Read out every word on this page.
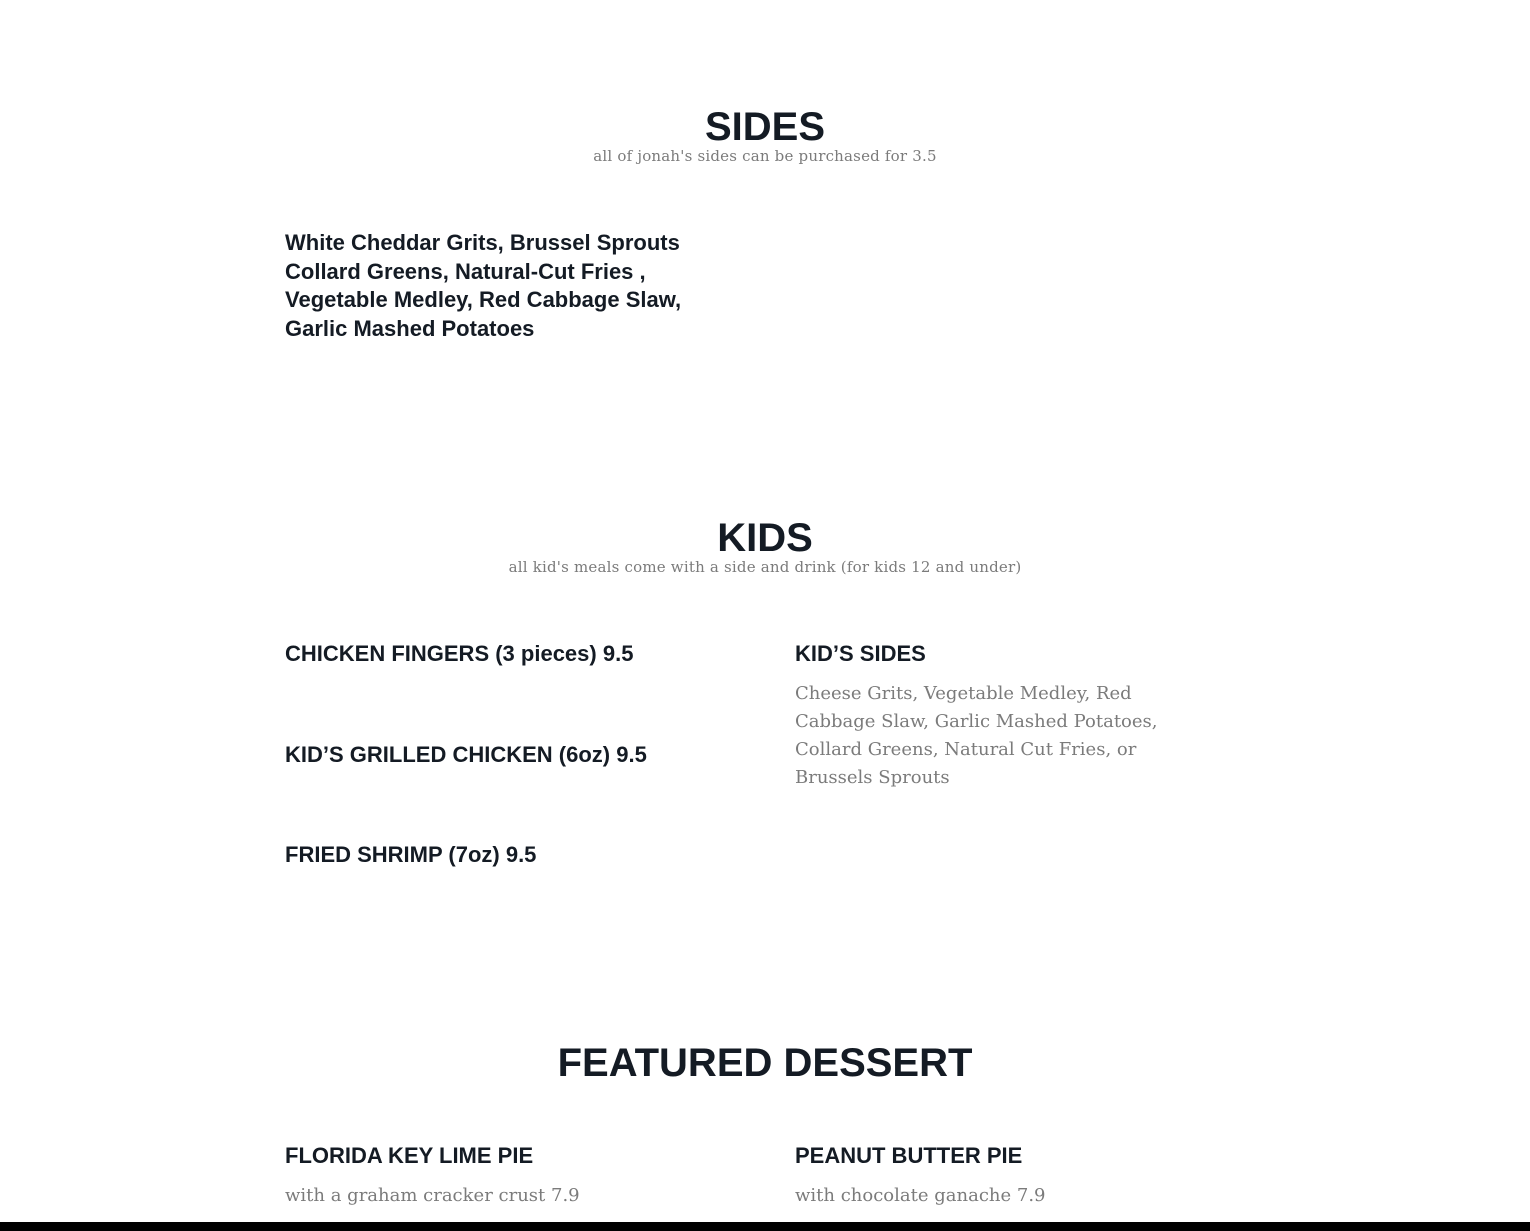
SIDES

all of jonah's sides can be purchased for 3.5

White Cheddar Grits, Brussel Sprouts
Collard Greens, Natural-Cut Fries ,
Vegetable Medley, Red Cabbage Slaw,
Garlic Mashed Potatoes
KIDS

all kid's meals come with a side and drink (for kids 12 and under)

CHICKEN FINGERS (3 pieces) 9.5
KID’S GRILLED CHICKEN (6oz) 9.5
FRIED SHRIMP (7oz) 9.5
KID’S SIDES
Cheese Grits, Vegetable Medley, Red
Cabbage Slaw, Garlic Mashed Potatoes,
Collard Greens, Natural Cut Fries, or
Brussels Sprouts
FEATURED DESSERT
FLORIDA KEY LIME PIE

with a graham cracker crust 7.9

PEANUT BUTTER PIE

with chocolate ganache 7.9
